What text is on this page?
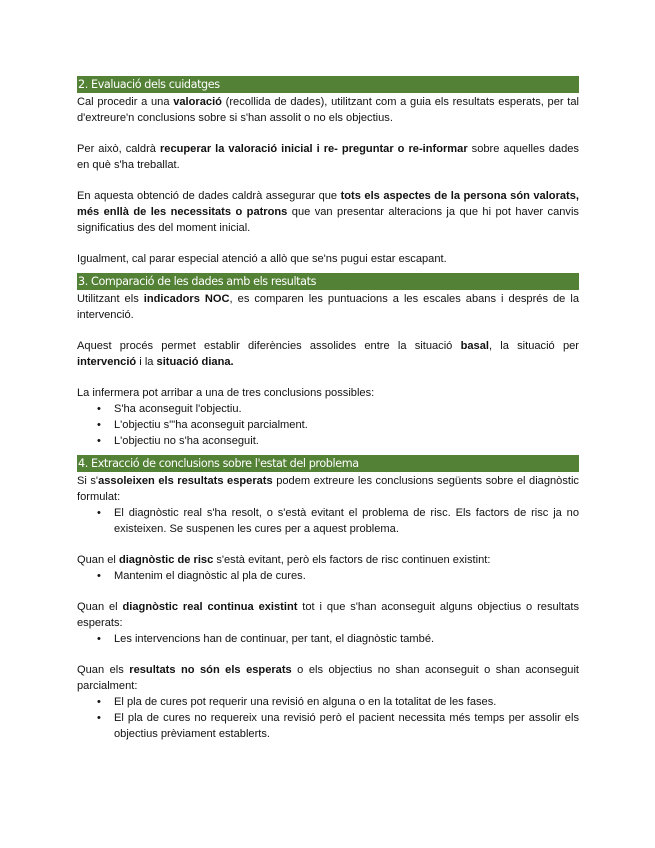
2. Evaluació dels cuidatges

Cal procedir a una valoració (recollida de dades), utilitzant com a guia els resultats esperats, per tal d'extreure'n conclusions sobre si s'han assolit o no els objectius.

Per això, caldrà recuperar la valoració inicial i re- preguntar o re-informar sobre aquelles dades en què s'ha treballat.

En aquesta obtenció de dades caldrà assegurar que tots els aspectes de la persona són valorats, més enllà de les necessitats o patrons que van presentar alteracions ja que hi pot haver canvis significatius des del moment inicial.

Igualment, cal parar especial atenció a allò que se'ns pugui estar escapant.

3. Comparació de les dades amb els resultats

Utilitzant els indicadors NOC, es comparen les puntuacions a les escales abans i després de la intervenció.

Aquest procés permet establir diferències assolides entre la situació basal, la situació per intervenció i la situació diana.

La infermera pot arribar a una de tres conclusions possibles:

• S'ha aconseguit l'objectiu.
• L'objectiu s'"ha aconseguit parcialment.
• L'objectiu no s'ha aconseguit.
4. Extracció de conclusions sobre l'estat del problema

Si s'assoleixen els resultats esperats podem extreure les conclusions següents sobre el diagnòstic formulat:

• El diagnòstic real s'ha resolt, o s'està evitant el problema de risc. Els factors de risc ja no existeixen. Se suspenen les cures per a aquest problema.

Quan el diagnòstic de risc s'està evitant, però els factors de risc continuen existint:

• Mantenim el diagnòstic al pla de cures.

Quan el diagnòstic real continua existint tot i que s'han aconseguit alguns objectius o resultats esperats:

• Les intervencions han de continuar, per tant, el diagnòstic també.

Quan els resultats no són els esperats o els objectius no shan aconseguit o shan aconseguit parcialment:

• El pla de cures pot requerir una revisió en alguna o en la totalitat de les fases.
• El pla de cures no requereix una revisió però el pacient necessita més temps per assolir els objectius prèviament establerts.
